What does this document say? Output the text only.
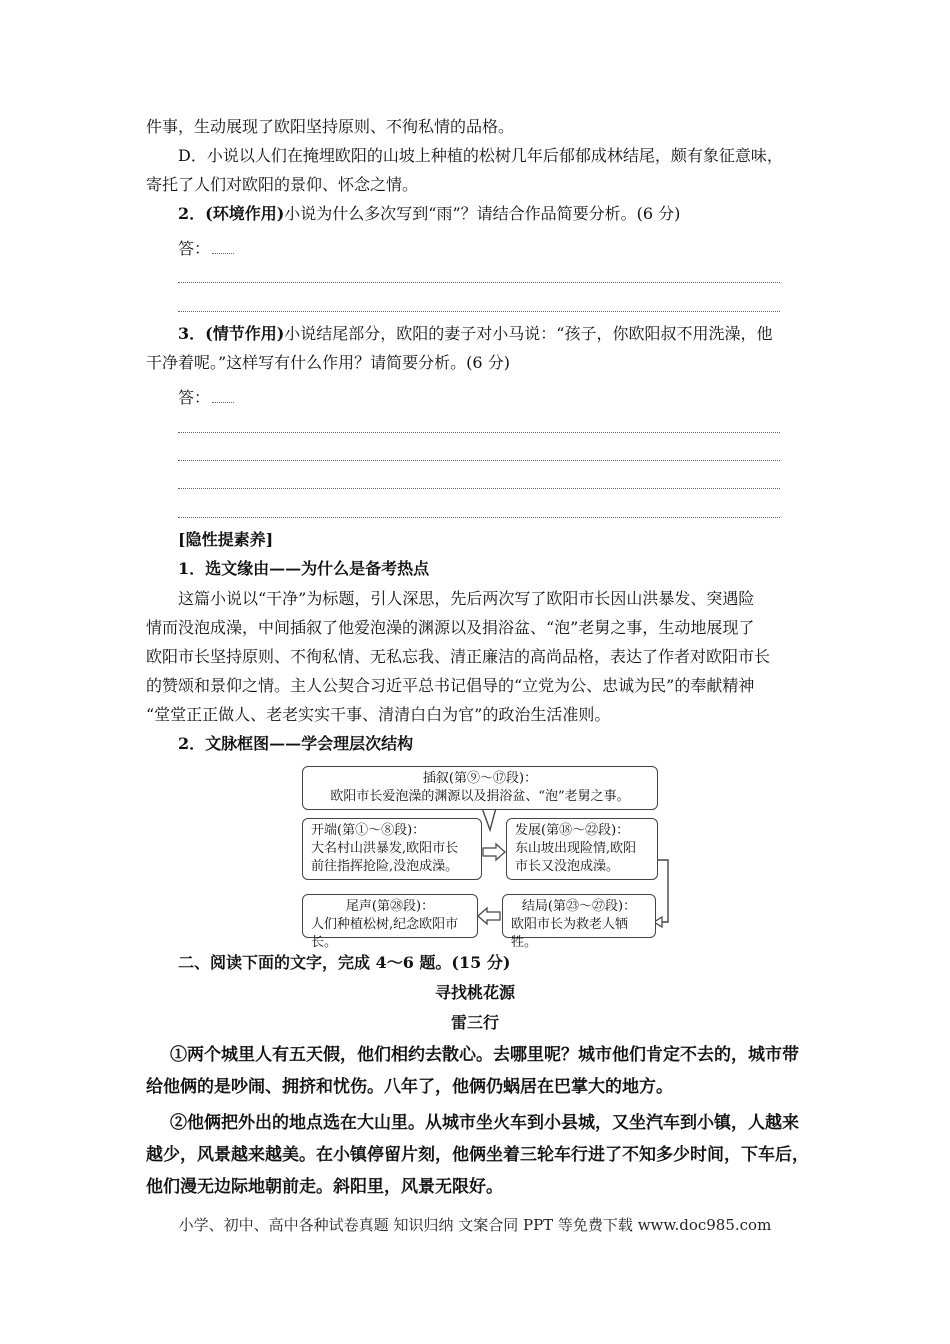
件事，生动展现了欧阳坚持原则、不徇私情的品格。
D．小说以人们在掩埋欧阳的山坡上种植的松树几年后郁郁成林结尾，颇有象征意味，
寄托了人们对欧阳的景仰、怀念之情。
2．(环境作用)小说为什么多次写到“雨”？请结合作品简要分析。(6 分)
答：
3．(情节作用)小说结尾部分，欧阳的妻子对小马说：“孩子，你欧阳叔不用洗澡，他
干净着呢。”这样写有什么作用？请简要分析。(6 分)
答：
[隐性提素养]
1．选文缘由——为什么是备考热点
这篇小说以“干净”为标题，引人深思，先后两次写了欧阳市长因山洪暴发、突遇险
情而没泡成澡，中间插叙了他爱泡澡的渊源以及捐浴盆、“泡”老舅之事，生动地展现了
欧阳市长坚持原则、不徇私情、无私忘我、清正廉洁的高尚品格，表达了作者对欧阳市长
的赞颂和景仰之情。主人公契合习近平总书记倡导的“立党为公、忠诚为民”的奉献精神
“堂堂正正做人、老老实实干事、清清白白为官”的政治生活准则。
2．文脉框图——学会理层次结构
插叙(第⑨～⑰段)：
欧阳市长爱泡澡的渊源以及捐浴盆、“泡”老舅之事。
开端(第①～⑧段)：
大名村山洪暴发,欧阳市长
前往指挥抢险,没泡成澡。
发展(第⑱～㉒段)：
东山坡出现险情,欧阳
市长又没泡成澡。
尾声(第㉘段)：
人们种植松树,纪念欧阳市长。
结局(第㉓～㉗段)：
欧阳市长为救老人牺牲。
二、阅读下面的文字，完成 4～6 题。(15 分)
寻找桃花源
雷三行
①两个城里人有五天假，他们相约去散心。去哪里呢？城市他们肯定不去的，城市带
给他俩的是吵闹、拥挤和忧伤。八年了，他俩仍蜗居在巴掌大的地方。
②他俩把外出的地点选在大山里。从城市坐火车到小县城，又坐汽车到小镇，人越来
越少，风景越来越美。在小镇停留片刻，他俩坐着三轮车行进了不知多少时间，下车后，
他们漫无边际地朝前走。斜阳里，风景无限好。
小学、初中、高中各种试卷真题 知识归纳 文案合同 PPT 等免费下载 www.doc985.com
